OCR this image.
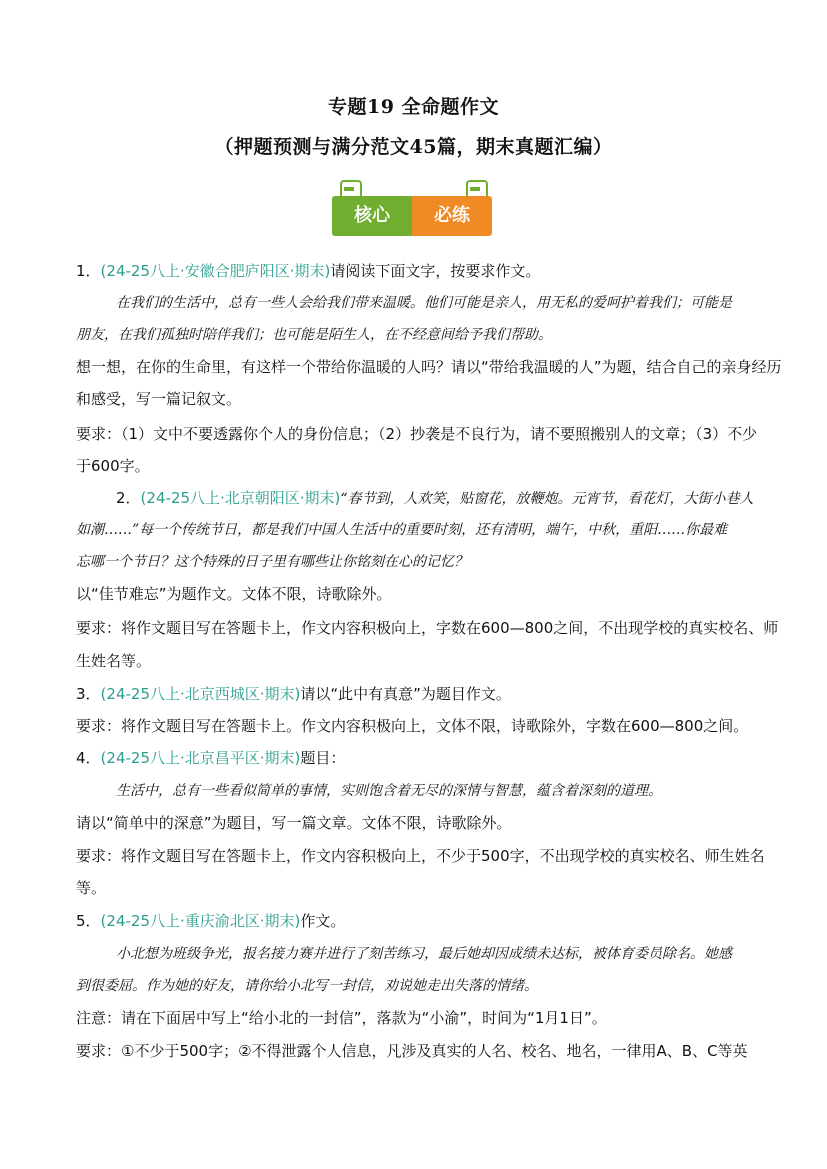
专题19 全命题作文
（押题预测与满分范文45篇，期末真题汇编）
核心	必练
1．(24-25八上·安徽合肥庐阳区·期末)请阅读下面文字，按要求作文。
在我们的生活中，总有一些人会给我们带来温暖。他们可能是亲人，用无私的爱呵护着我们；可能是
朋友，在我们孤独时陪伴我们；也可能是陌生人，在不经意间给予我们帮助。
想一想，在你的生命里，有这样一个带给你温暖的人吗？请以“带给我温暖的人”为题，结合自己的亲身经历
和感受，写一篇记叙文。
要求：（1）文中不要透露你个人的身份信息；（2）抄袭是不良行为，请不要照搬别人的文章；（3）不少
于600字。
2．(24-25八上·北京朝阳区·期末)“春节到，人欢笑，贴窗花，放鞭炮。元宵节，看花灯，大街小巷人
如潮……”每一个传统节日，都是我们中国人生活中的重要时刻，还有清明，端午，中秋，重阳……你最难
忘哪一个节日？这个特殊的日子里有哪些让你铭刻在心的记忆？
以“佳节难忘”为题作文。文体不限，诗歌除外。
要求：将作文题目写在答题卡上，作文内容积极向上，字数在600—800之间，不出现学校的真实校名、师
生姓名等。
3．(24-25八上·北京西城区·期末)请以“此中有真意”为题目作文。
要求：将作文题目写在答题卡上。作文内容积极向上，文体不限，诗歌除外，字数在600—800之间。
4．(24-25八上·北京昌平区·期末)题目：
生活中，总有一些看似简单的事情，实则饱含着无尽的深情与智慧，蕴含着深刻的道理。
请以“简单中的深意”为题目，写一篇文章。文体不限，诗歌除外。
要求：将作文题目写在答题卡上，作文内容积极向上，不少于500字，不出现学校的真实校名、师生姓名
等。
5．(24-25八上·重庆渝北区·期末)作文。
小北想为班级争光，报名接力赛并进行了刻苦练习，最后她却因成绩未达标，被体育委员除名。她感
到很委屈。作为她的好友，请你给小北写一封信，劝说她走出失落的情绪。
注意：请在下面居中写上“给小北的一封信”，落款为“小渝”，时间为“1月1日”。
要求：①不少于500字；②不得泄露个人信息，凡涉及真实的人名、校名、地名，一律用A、B、C等英
